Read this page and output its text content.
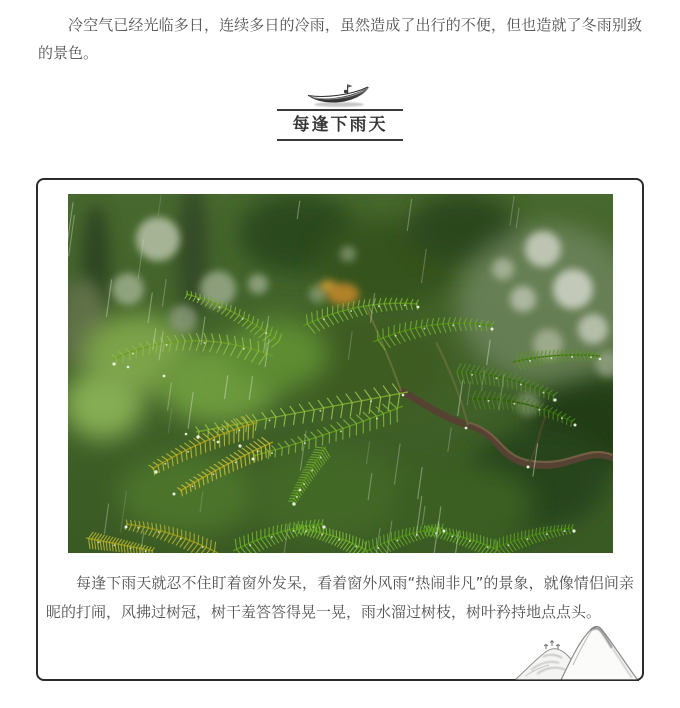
冷空气已经光临多日，连续多日的冷雨，虽然造成了出行的不便，但也造就了冬雨别致的景色。

每逢下雨天
每逢下雨天就忍不住盯着窗外发呆，看着窗外风雨“热闹非凡”的景象，就像情侣间亲昵的打闹，风拂过树冠，树干羞答答得晃一晃，雨水溜过树枝，树叶矜持地点点头。
